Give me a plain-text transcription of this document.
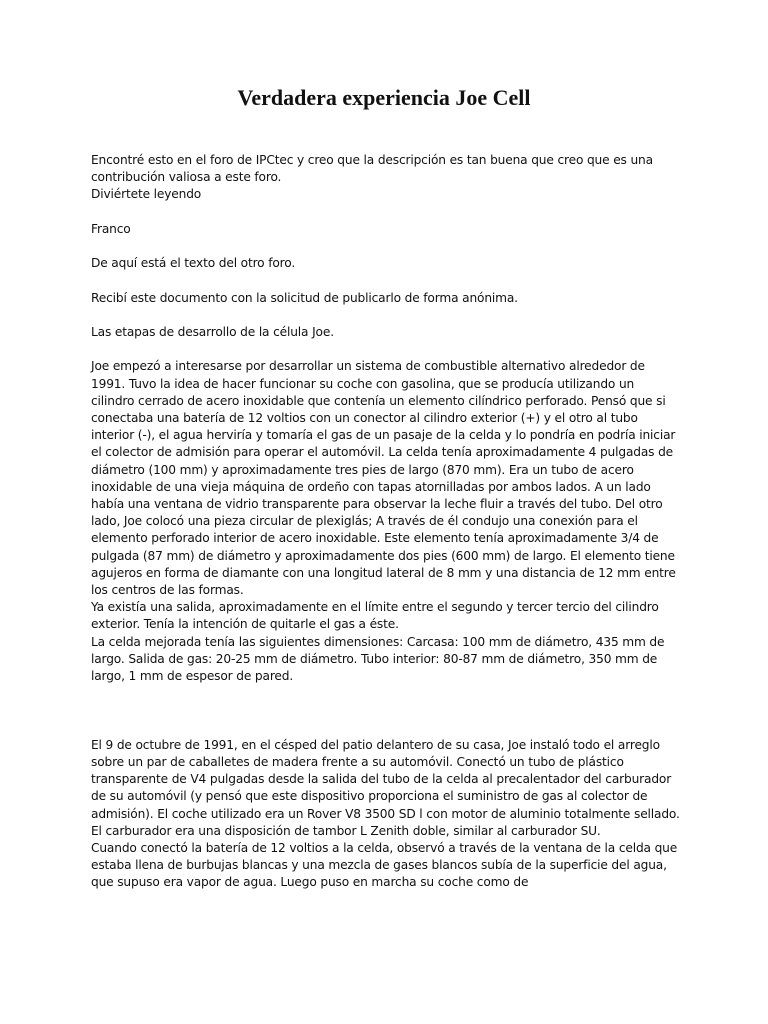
Verdadera experiencia Joe Cell

Encontré esto en el foro de IPCtec y creo que la descripción es tan buena que creo que es una contribución valiosa a este foro.

Diviértete leyendo

Franco

De aquí está el texto del otro foro.

Recibí este documento con la solicitud de publicarlo de forma anónima.

Las etapas de desarrollo de la célula Joe.

Joe empezó a interesarse por desarrollar un sistema de combustible alternativo alrededor de 1991. Tuvo la idea de hacer funcionar su coche con gasolina, que se producía utilizando un cilindro cerrado de acero inoxidable que contenía un elemento cilíndrico perforado. Pensó que si conectaba una batería de 12 voltios con un conector al cilindro exterior (+) y el otro al tubo interior (-), el agua herviría y tomaría el gas de un pasaje de la celda y lo pondría en podría iniciar el colector de admisión para operar el automóvil. La celda tenía aproximadamente 4 pulgadas de diámetro (100 mm) y aproximadamente tres pies de largo (870 mm). Era un tubo de acero inoxidable de una vieja máquina de ordeño con tapas atornilladas por ambos lados. A un lado había una ventana de vidrio transparente para observar la leche fluir a través del tubo. Del otro lado, Joe colocó una pieza circular de plexiglás; A través de él condujo una conexión para el elemento perforado interior de acero inoxidable. Este elemento tenía aproximadamente 3/4 de pulgada (87 mm) de diámetro y aproximadamente dos pies (600 mm) de largo. El elemento tiene agujeros en forma de diamante con una longitud lateral de 8 mm y una distancia de 12 mm entre los centros de las formas.

Ya existía una salida, aproximadamente en el límite entre el segundo y tercer tercio del cilindro exterior. Tenía la intención de quitarle el gas a éste.

La celda mejorada tenía las siguientes dimensiones: Carcasa: 100 mm de diámetro, 435 mm de largo. Salida de gas: 20-25 mm de diámetro. Tubo interior: 80-87 mm de diámetro, 350 mm de largo, 1 mm de espesor de pared.

El 9 de octubre de 1991, en el césped del patio delantero de su casa, Joe instaló todo el arreglo sobre un par de caballetes de madera frente a su automóvil. Conectó un tubo de plástico transparente de V4 pulgadas desde la salida del tubo de la celda al precalentador del carburador de su automóvil (y pensó que este dispositivo proporciona el suministro de gas al colector de admisión). El coche utilizado era un Rover V8 3500 SD l con motor de aluminio totalmente sellado. El carburador era una disposición de tambor L Zenith doble, similar al carburador SU.

Cuando conectó la batería de 12 voltios a la celda, observó a través de la ventana de la celda que estaba llena de burbujas blancas y una mezcla de gases blancos subía de la superficie del agua, que supuso era vapor de agua. Luego puso en marcha su coche como de
